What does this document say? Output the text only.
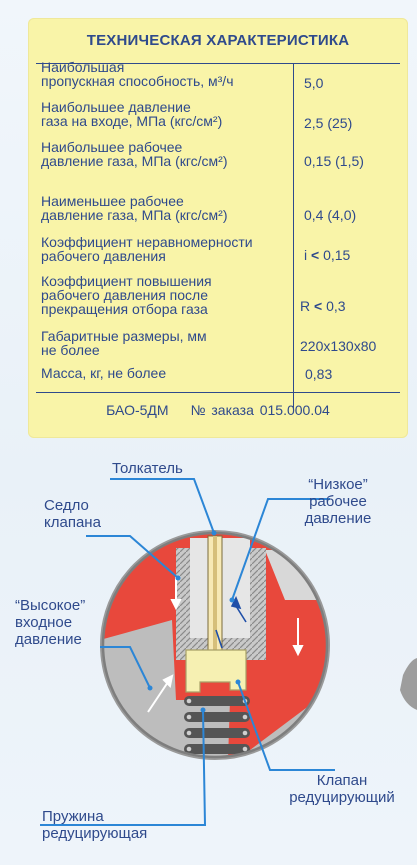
ТЕХНИЧЕСКАЯ ХАРАКТЕРИСТИКА
Наибольшая
пропускная способность, м³/ч	5,0
Наибольшее давление
газа на входе, МПа (кгс/см²)	2,5 (25)
Наибольшее рабочее
давление газа, МПа (кгс/см²)	0,15 (1,5)
Наименьшее рабочее
давление газа, МПа (кгс/см²)	0,4 (4,0)
Коэффициент неравномерности
рабочего давления	i < 0,15
Коэффициент повышения
рабочего давления после
прекращения отбора газа	R < 0,3
Габаритные размеры, мм
не более	220х130х80
Масса, кг, не более	0,83
БАО-5ДМ № заказа 015.000.04
Толкатель
Седло
клапана
“Низкое”
рабочее
давление
“Высокое”
входное
давление
Клапан
редуцирующий
Пружина
редуцирующая
